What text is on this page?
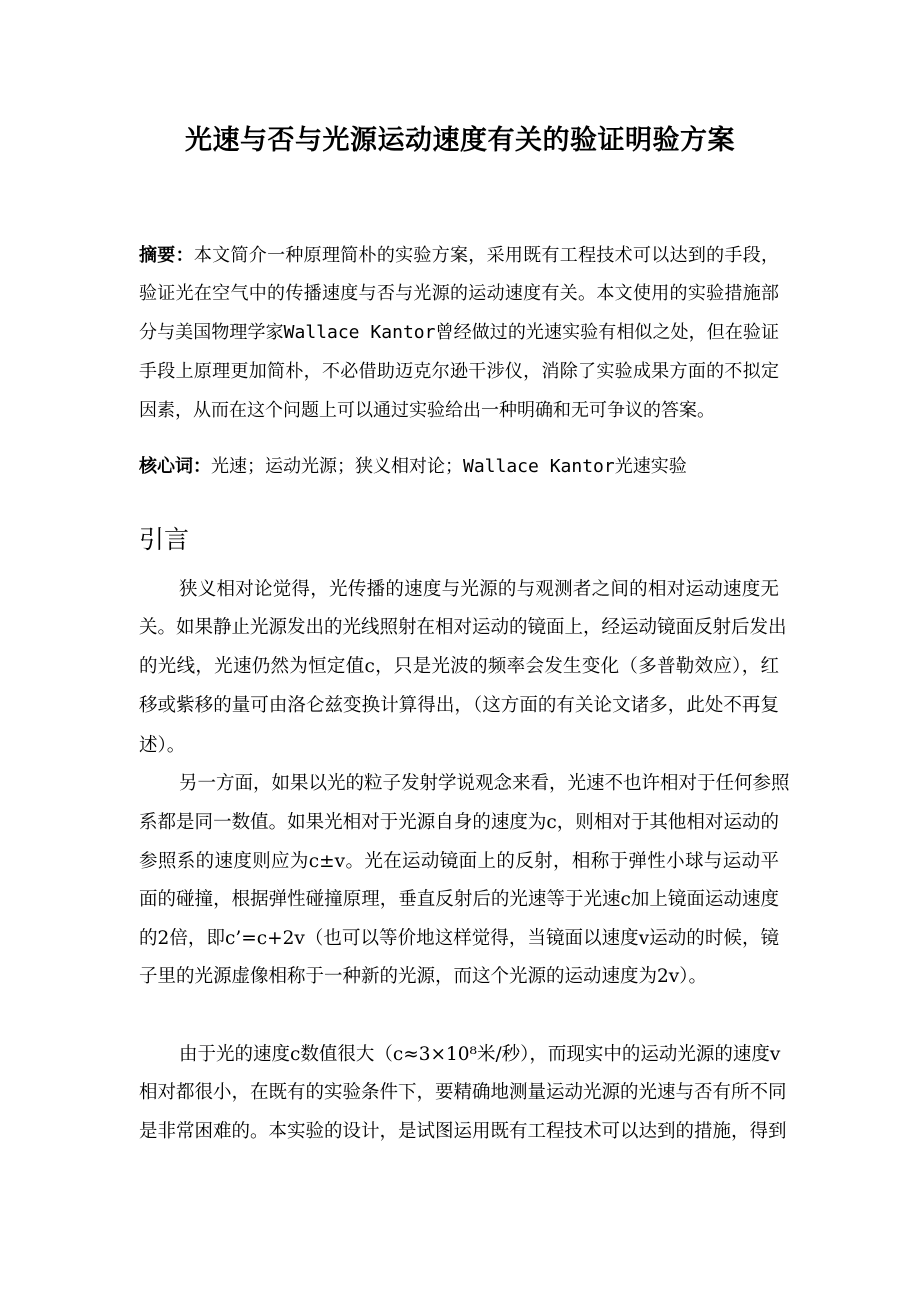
光速与否与光源运动速度有关的验证明验方案
摘要：本文简介一种原理简朴的实验方案，采用既有工程技术可以达到的手段，
验证光在空气中的传播速度与否与光源的运动速度有关。本文使用的实验措施部
分与美国物理学家Wallace Kantor曾经做过的光速实验有相似之处，但在验证
手段上原理更加简朴，不必借助迈克尔逊干涉仪，消除了实验成果方面的不拟定
因素，从而在这个问题上可以通过实验给出一种明确和无可争议的答案。
核心词：光速；运动光源；狭义相对论；Wallace Kantor光速实验
引言
狭义相对论觉得，光传播的速度与光源的与观测者之间的相对运动速度无
关。如果静止光源发出的光线照射在相对运动的镜面上，经运动镜面反射后发出
的光线，光速仍然为恒定值c，只是光波的频率会发生变化（多普勒效应），红
移或紫移的量可由洛仑兹变换计算得出，（这方面的有关论文诸多，此处不再复
述）。
另一方面，如果以光的粒子发射学说观念来看，光速不也许相对于任何参照
系都是同一数值。如果光相对于光源自身的速度为c，则相对于其他相对运动的
参照系的速度则应为c±v。光在运动镜面上的反射，相称于弹性小球与运动平
面的碰撞，根据弹性碰撞原理，垂直反射后的光速等于光速c加上镜面运动速度
的2倍，即c’=c+2v（也可以等价地这样觉得，当镜面以速度v运动的时候，镜
子里的光源虚像相称于一种新的光源，而这个光源的运动速度为2v）。
由于光的速度c数值很大（c≈3×10⁸米/秒），而现实中的运动光源的速度v
相对都很小，在既有的实验条件下，要精确地测量运动光源的光速与否有所不同
是非常困难的。本实验的设计，是试图运用既有工程技术可以达到的措施，得到
